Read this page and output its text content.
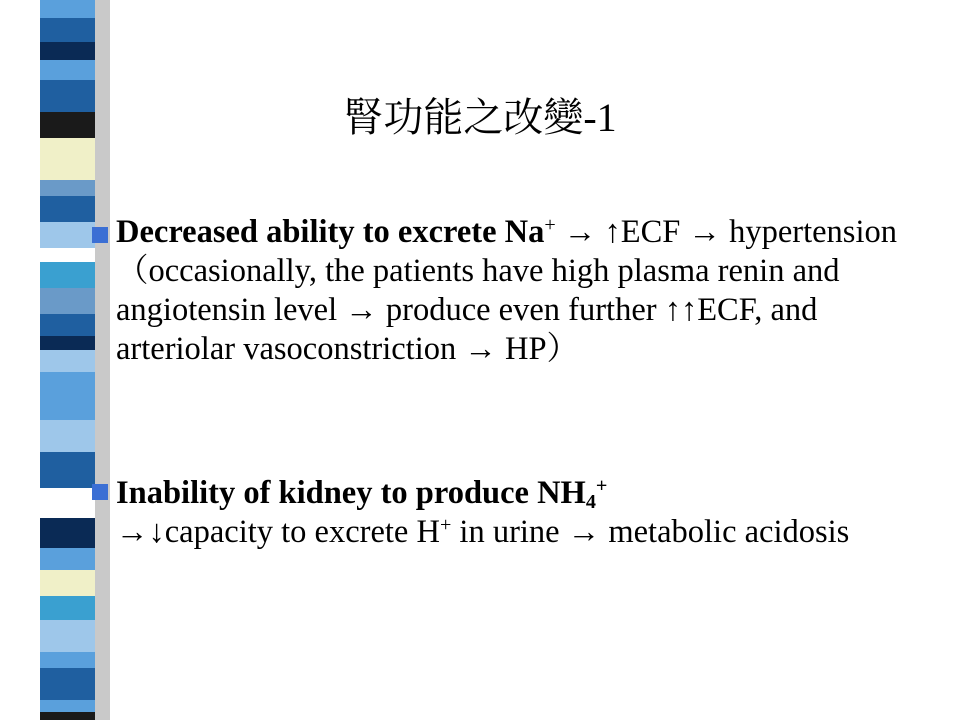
腎功能之改變-1
Decreased ability to excrete Na+ → ↑ECF → hypertension（occasionally, the patients have high plasma renin and angiotensin level → produce even further ↑↑ECF, and arteriolar vasoconstriction → HP）
Inability of kidney to produce $NH_4^+$
→↓capacity to excrete H+ in urine → metabolic acidosis
